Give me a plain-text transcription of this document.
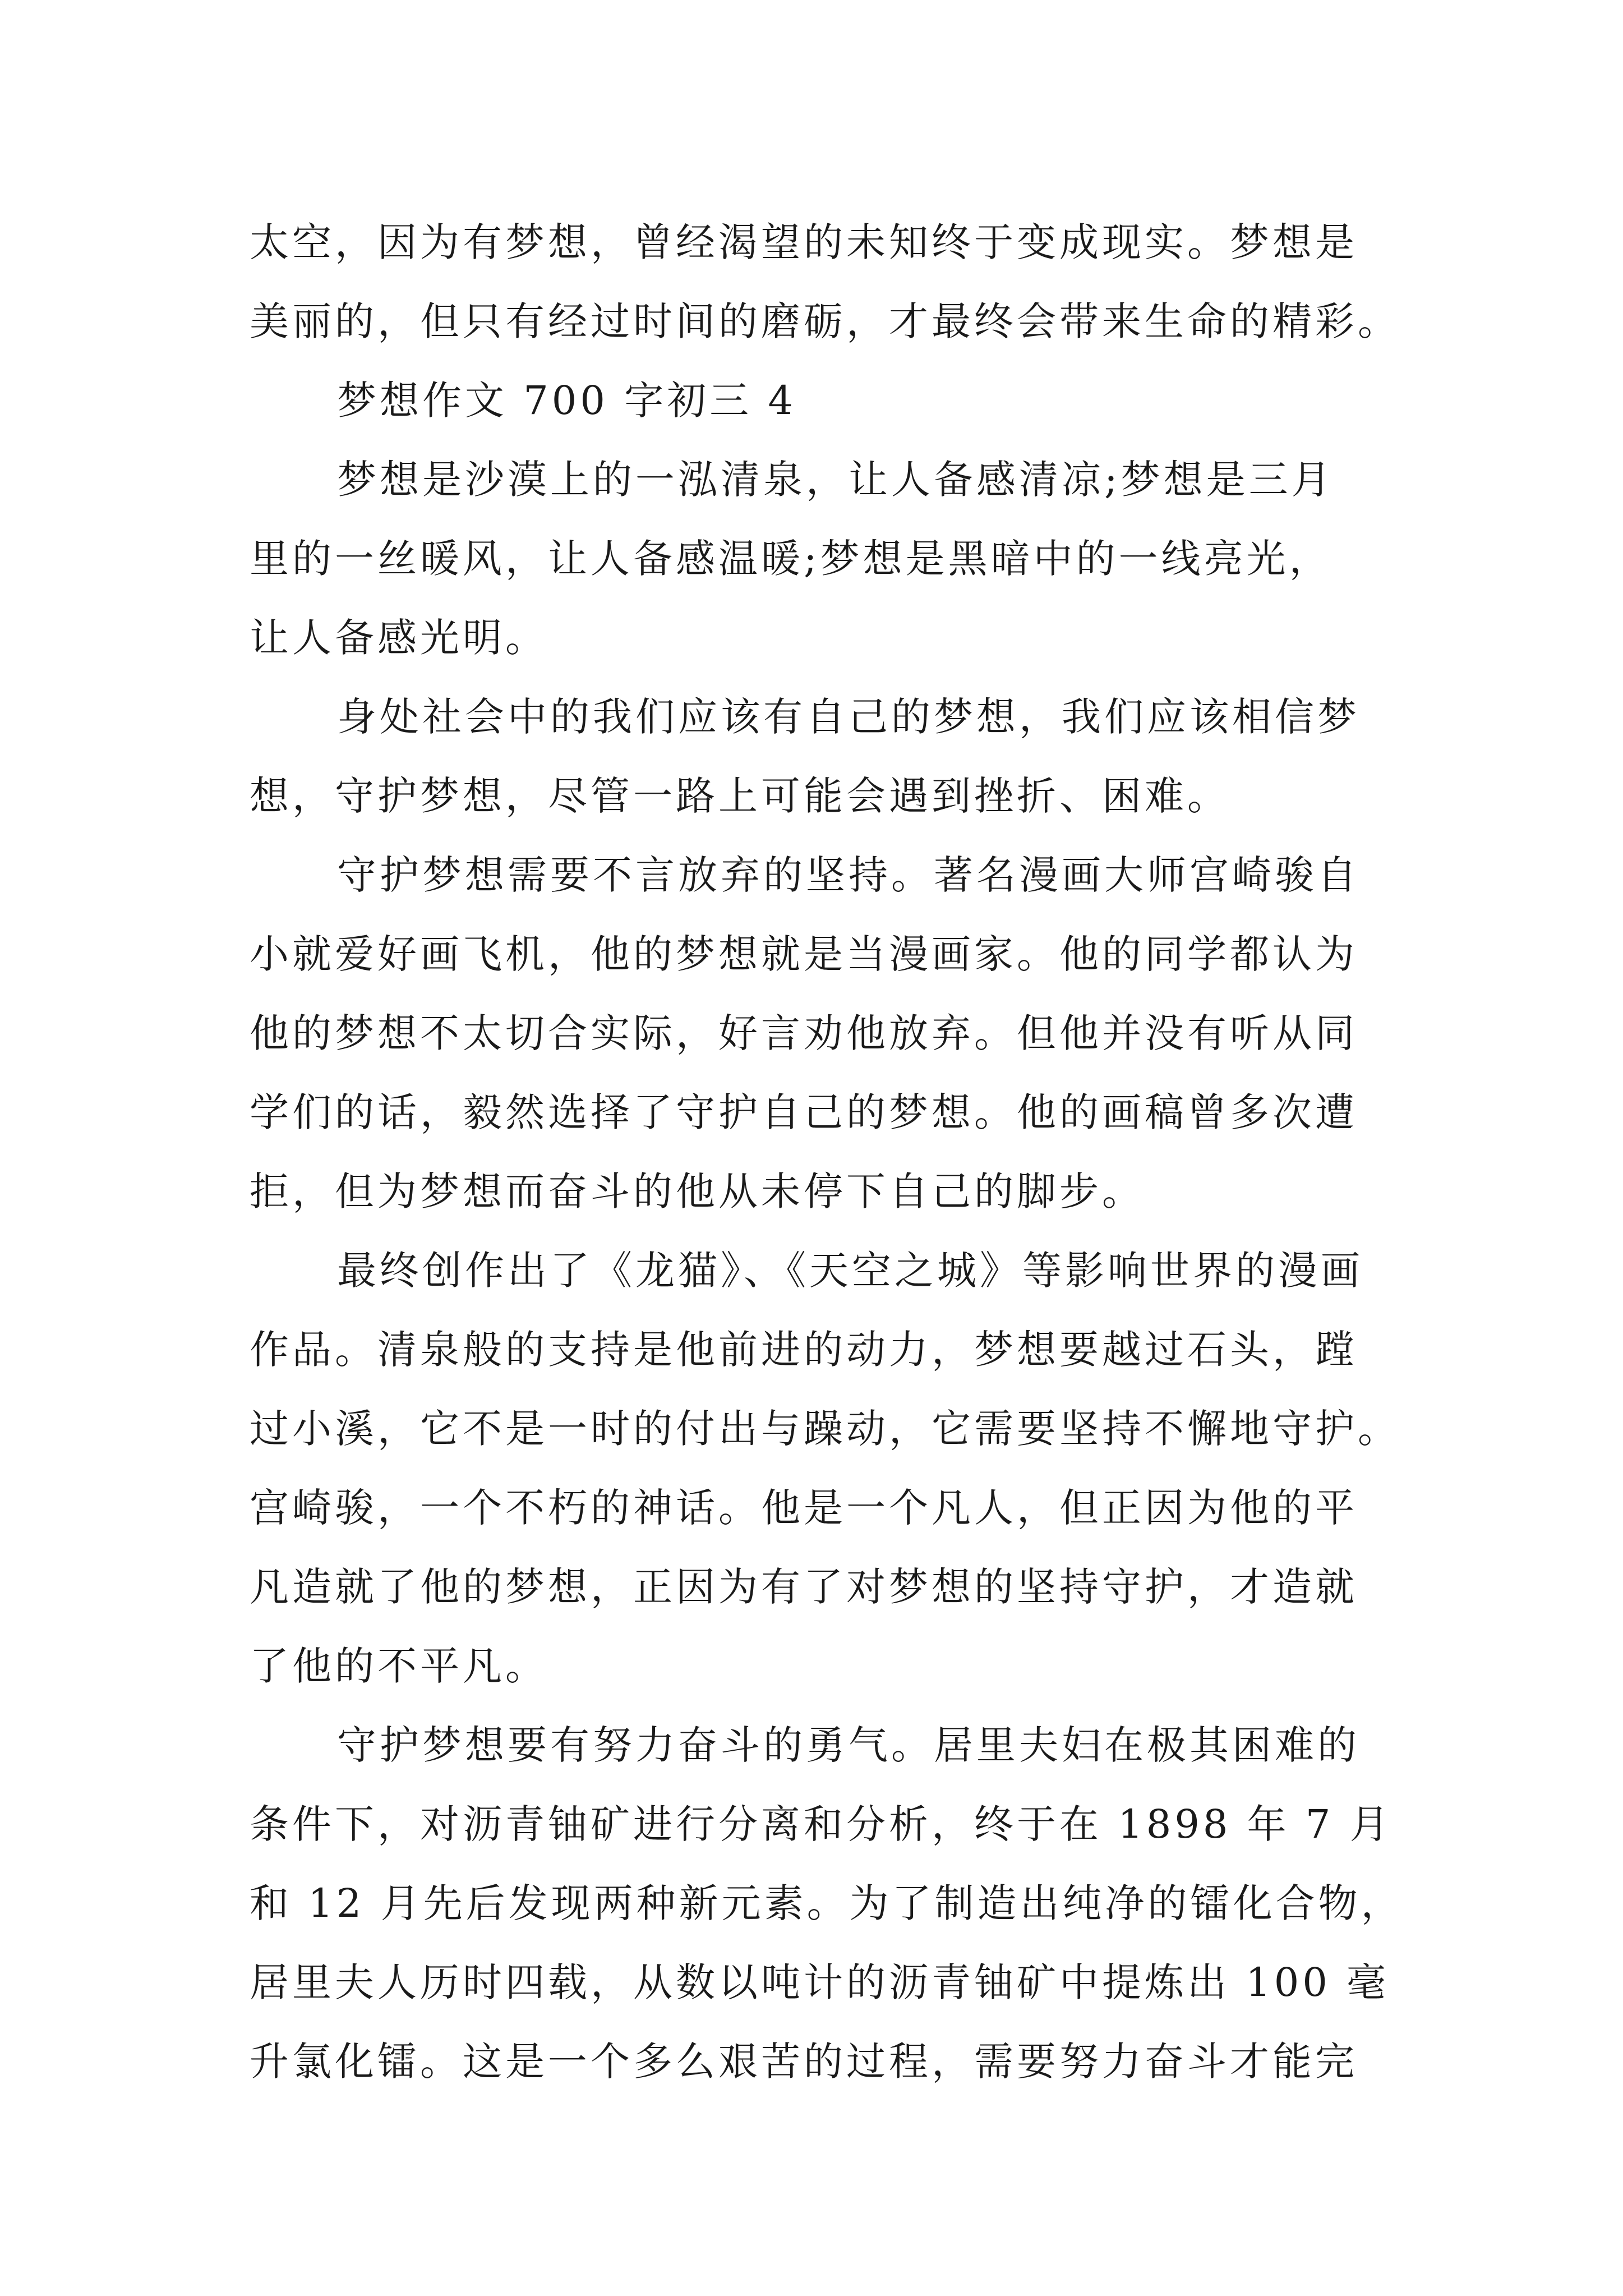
太空，因为有梦想，曾经渴望的未知终于变成现实。梦想是
美丽的，但只有经过时间的磨砺，才最终会带来生命的精彩。
梦想作文 700 字初三 4
梦想是沙漠上的一泓清泉，让人备感清凉;梦想是三月
里的一丝暖风，让人备感温暖;梦想是黑暗中的一线亮光，
让人备感光明。
身处社会中的我们应该有自己的梦想，我们应该相信梦
想，守护梦想，尽管一路上可能会遇到挫折、困难。
守护梦想需要不言放弃的坚持。著名漫画大师宫崎骏自
小就爱好画飞机，他的梦想就是当漫画家。他的同学都认为
他的梦想不太切合实际，好言劝他放弃。但他并没有听从同
学们的话，毅然选择了守护自己的梦想。他的画稿曾多次遭
拒，但为梦想而奋斗的他从未停下自己的脚步。
最终创作出了《龙猫》、《天空之城》等影响世界的漫画
作品。清泉般的支持是他前进的动力，梦想要越过石头，蹚
过小溪，它不是一时的付出与躁动，它需要坚持不懈地守护。
宫崎骏，一个不朽的神话。他是一个凡人，但正因为他的平
凡造就了他的梦想，正因为有了对梦想的坚持守护，才造就
了他的不平凡。
守护梦想要有努力奋斗的勇气。居里夫妇在极其困难的
条件下，对沥青铀矿进行分离和分析，终于在 1898 年 7 月
和 12 月先后发现两种新元素。为了制造出纯净的镭化合物，
居里夫人历时四载，从数以吨计的沥青铀矿中提炼出 100 毫
升氯化镭。这是一个多么艰苦的过程，需要努力奋斗才能完
